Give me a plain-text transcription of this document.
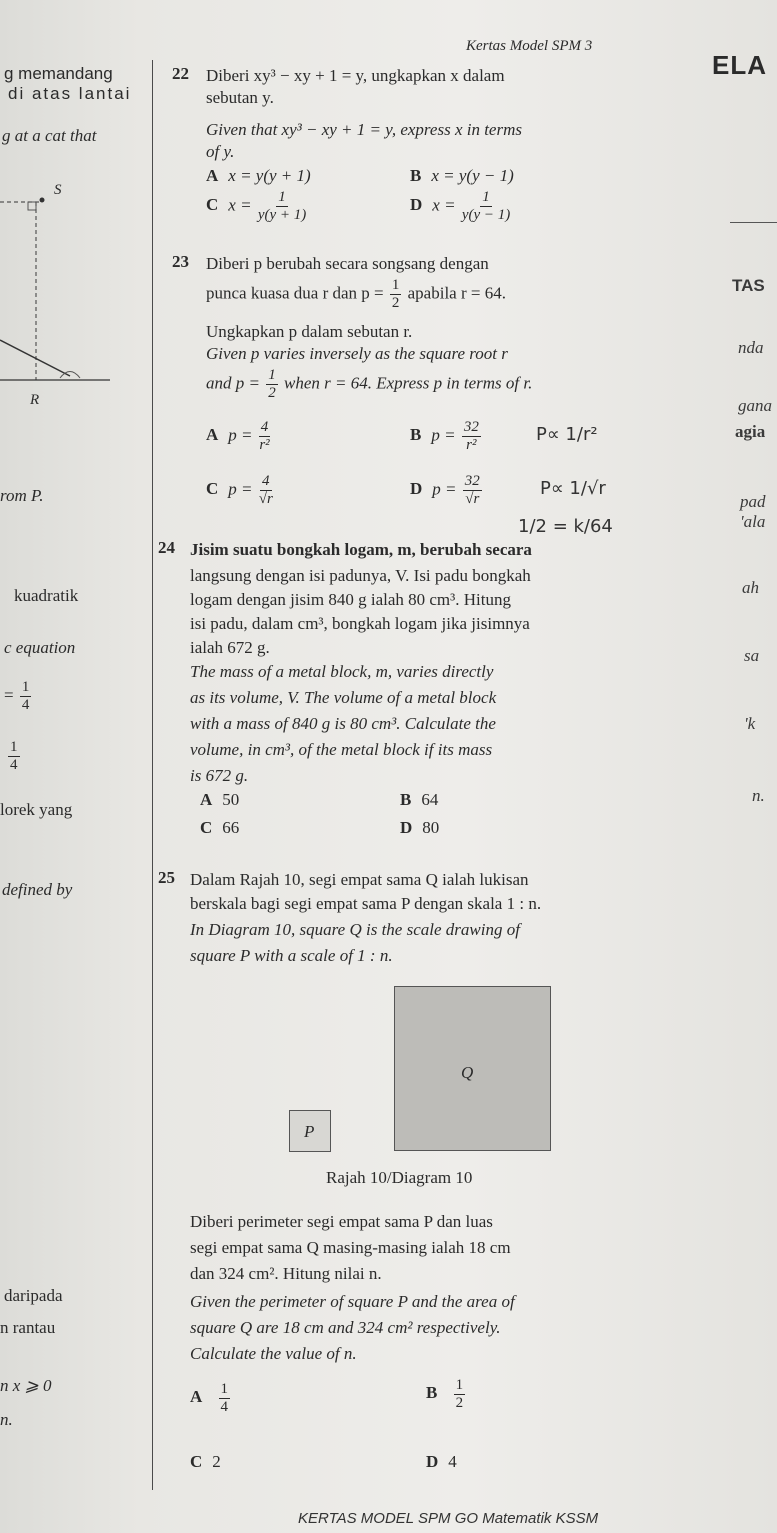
Kertas Model SPM 3
ELA
g memandang
di atas lantai
g at a cat that
S
R
rom P.
kuadratik
c equation
= $\frac{1}{4}$
$\frac{1}{4}$
lorek yang
defined by
daripada
n rantau
n x ⩾ 0
n.
TAS
nda
gana
agia
pad
'ala
ah
sa
'k
n.
22 Diberi xy³ − xy + 1 = y, ungkapkan x dalam
sebutan y.
Given that xy³ − xy + 1 = y, express x in terms
of y.
A x = y(y + 1)	B x = y(y − 1)
C $x = \frac{1}{y(y + 1)}$	D $x = \frac{1}{y(y - 1)}$
23 Diberi p berubah secara songsang dengan
punca kuasa dua r dan $p = \frac{1}{2}$ apabila r = 64.
Ungkapkan p dalam sebutan r.
Given p varies inversely as the square root r
and $p = \frac{1}{2}$ when r = 64. Express p in terms of r.
A $p = \frac{4}{\text{r²}}$	B $p = \frac{32}{\text{r²}}$
C $p = \frac{4}{√r}$	D $p = \frac{32}{√r}$
P∝ 1/r²
P∝ 1/√r
1/2 = k/64
24 Jisim suatu bongkah logam, m, berubah secara
langsung dengan isi padunya, V. Isi padu bongkah
logam dengan jisim 840 g ialah 80 cm³. Hitung
isi padu, dalam cm³, bongkah logam jika jisimnya
ialah 672 g.
The mass of a metal block, m, varies directly
as its volume, V. The volume of a metal block
with a mass of 840 g is 80 cm³. Calculate the
volume, in cm³, of the metal block if its mass
is 672 g.
A 50	B 64
C 66	D 80
25 Dalam Rajah 10, segi empat sama Q ialah lukisan
berskala bagi segi empat sama P dengan skala 1 : n.
In Diagram 10, square Q is the scale drawing of
square P with a scale of 1 : n.
Q
P
Rajah 10/Diagram 10
Diberi perimeter segi empat sama P dan luas
segi empat sama Q masing-masing ialah 18 cm
dan 324 cm². Hitung nilai n.
Given the perimeter of square P and the area of
square Q are 18 cm and 324 cm² respectively.
Calculate the value of n.
A $\frac{1}{4}$	B $\frac{1}{2}$
C 2	D 4
KERTAS MODEL SPM GO Matematik KSSM
